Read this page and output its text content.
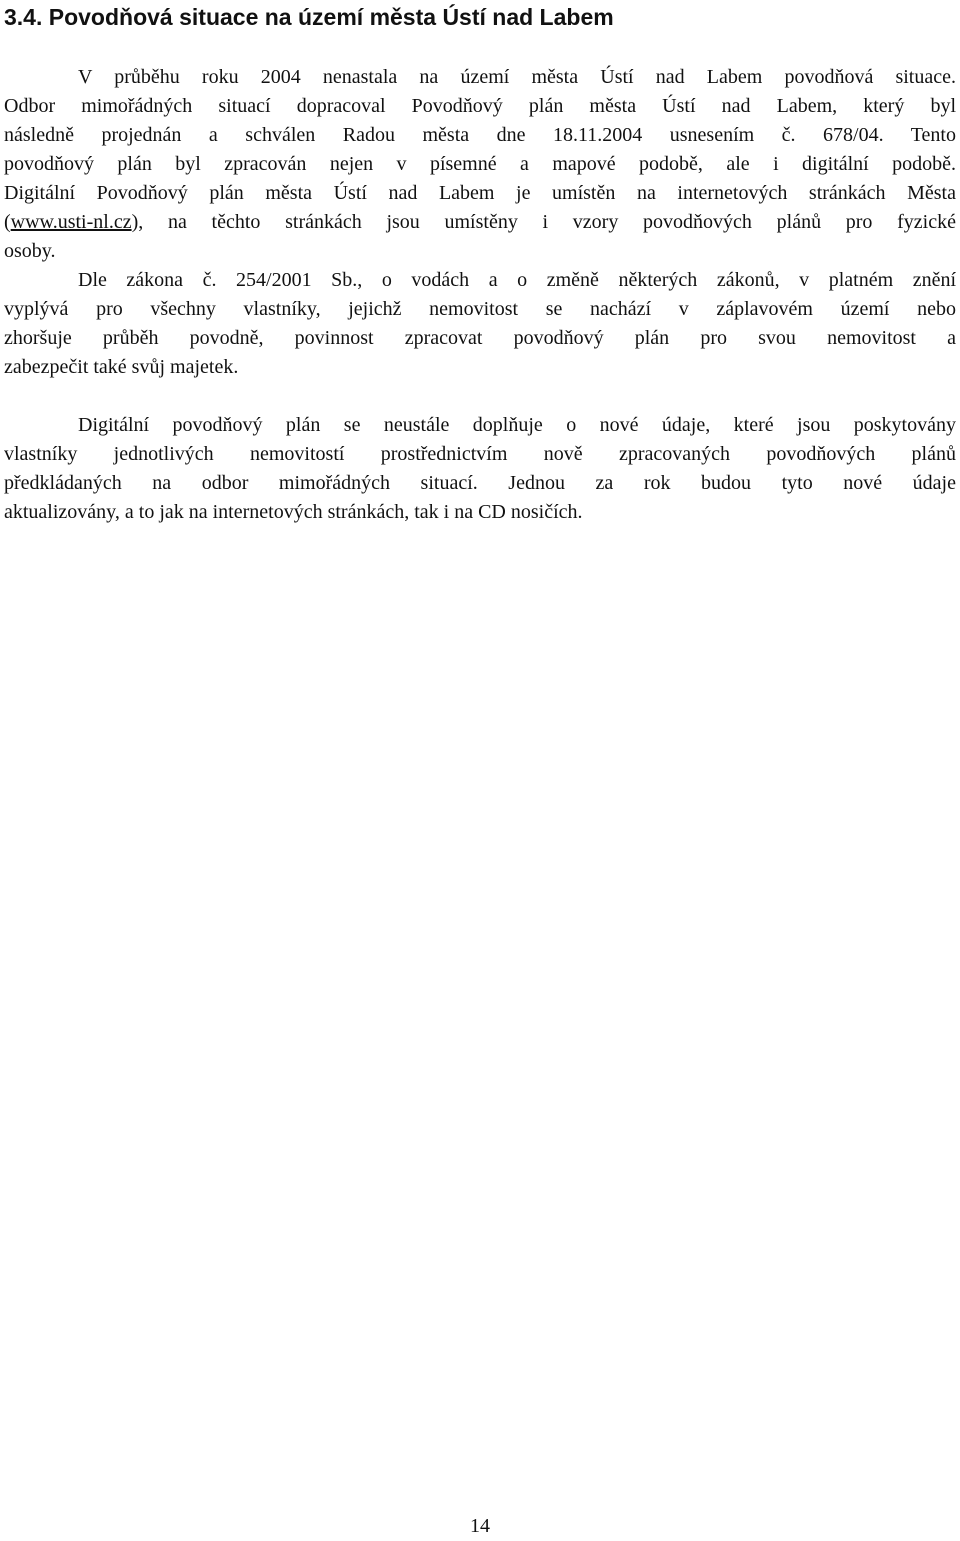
3.4. Povodňová situace na území města Ústí nad Labem
V průběhu roku 2004 nenastala na území města Ústí nad Labem povodňová situace.
Odbor mimořádných situací dopracoval Povodňový plán města Ústí nad Labem, který byl
následně projednán a schválen Radou města dne 18.11.2004 usnesením č. 678/04. Tento
povodňový plán byl zpracován nejen v písemné a mapové podobě, ale i digitální podobě.
Digitální Povodňový plán města Ústí nad Labem je umístěn na internetových stránkách Města
(www.usti-nl.cz), na těchto stránkách jsou umístěny i vzory povodňových plánů pro fyzické
osoby.
Dle zákona č. 254/2001 Sb., o vodách a o změně některých zákonů, v platném znění
vyplývá pro všechny vlastníky, jejichž nemovitost se nachází v záplavovém území nebo
zhoršuje průběh povodně, povinnost zpracovat povodňový plán pro svou nemovitost a
zabezpečit také svůj majetek.
Digitální povodňový plán se neustále doplňuje o nové údaje, které jsou poskytovány
vlastníky jednotlivých nemovitostí prostřednictvím nově zpracovaných povodňových plánů
předkládaných na odbor mimořádných situací. Jednou za rok budou tyto nové údaje
aktualizovány, a to jak na internetových stránkách, tak i na CD nosičích.

14
